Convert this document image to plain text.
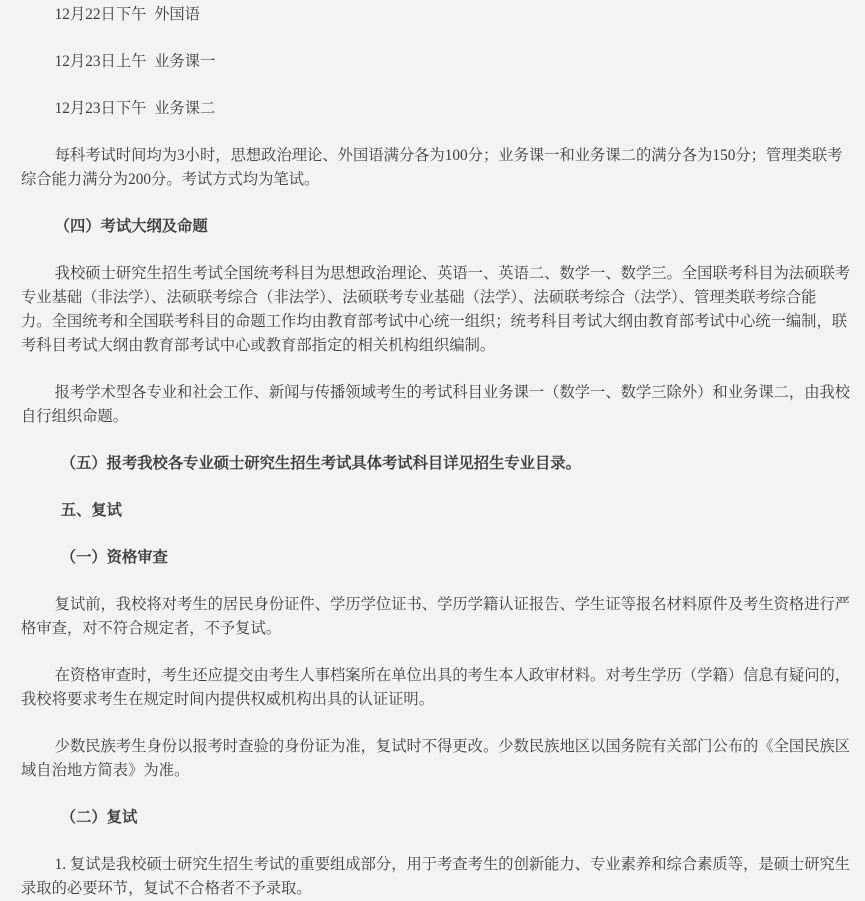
12月22日下午  外国语
12月23日上午  业务课一
12月23日下午  业务课二
每科考试时间均为3小时，思想政治理论、外国语满分各为100分；业务课一和业务课二的满分各为150分；管理类联考
综合能力满分为200分。考试方式均为笔试。
（四）考试大纲及命题
我校硕士研究生招生考试全国统考科目为思想政治理论、英语一、英语二、数学一、数学三。全国联考科目为法硕联考
专业基础（非法学）、法硕联考综合（非法学）、法硕联考专业基础（法学）、法硕联考综合（法学）、管理类联考综合能
力。全国统考和全国联考科目的命题工作均由教育部考试中心统一组织；统考科目考试大纲由教育部考试中心统一编制，联
考科目考试大纲由教育部考试中心或教育部指定的相关机构组织编制。
报考学术型各专业和社会工作、新闻与传播领域考生的考试科目业务课一（数学一、数学三除外）和业务课二，由我校
自行组织命题。
（五）报考我校各专业硕士研究生招生考试具体考试科目详见招生专业目录。
五、复试
（一）资格审查
复试前，我校将对考生的居民身份证件、学历学位证书、学历学籍认证报告、学生证等报名材料原件及考生资格进行严
格审查，对不符合规定者，不予复试。
在资格审查时，考生还应提交由考生人事档案所在单位出具的考生本人政审材料。对考生学历（学籍）信息有疑问的，
我校将要求考生在规定时间内提供权威机构出具的认证证明。
少数民族考生身份以报考时查验的身份证为准，复试时不得更改。少数民族地区以国务院有关部门公布的《全国民族区
域自治地方简表》为准。
（二）复试
1. 复试是我校硕士研究生招生考试的重要组成部分，用于考查考生的创新能力、专业素养和综合素质等，是硕士研究生
录取的必要环节，复试不合格者不予录取。
